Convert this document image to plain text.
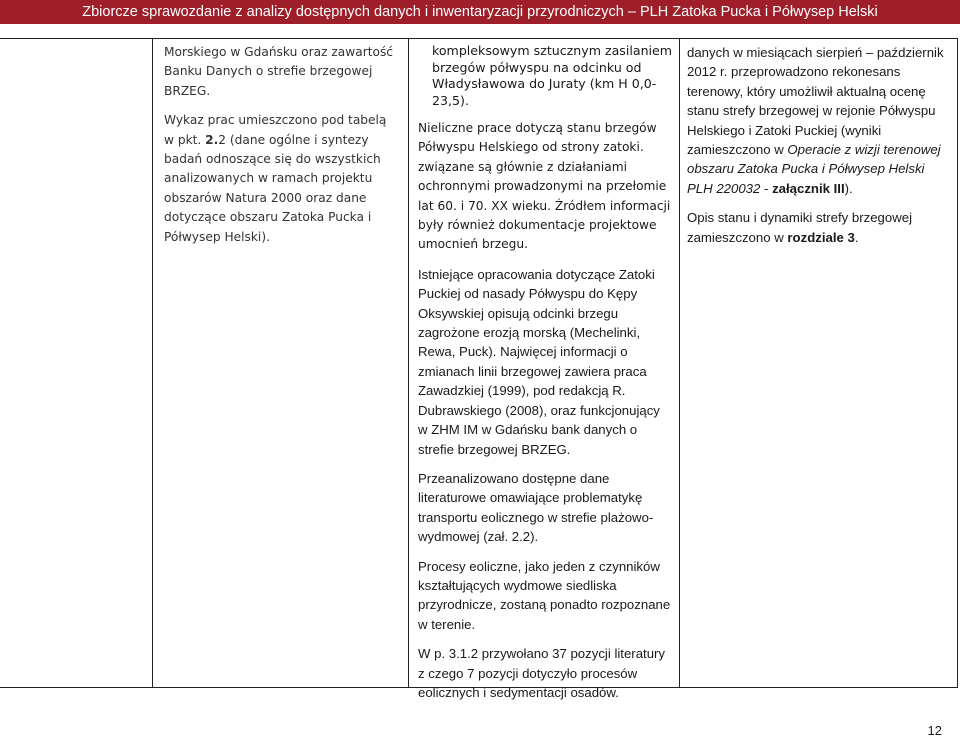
Zbiorcze sprawozdanie z analizy dostępnych danych i inwentaryzacji przyrodniczych – PLH Zatoka Pucka i Półwysep Helski

Morskiego w Gdańsku oraz zawartość Banku Danych o strefie brzegowej BRZEG.

Wykaz prac umieszczono pod tabelą w pkt. 2.2 (dane ogólne i syntezy badań odnoszące się do wszystkich analizowanych w ramach projektu obszarów Natura 2000 oraz dane dotyczące obszaru Zatoka Pucka i Półwysep Helski).

kompleksowym sztucznym zasilaniem brzegów półwyspu na odcinku od Władysławowa do Juraty (km H 0,0-23,5).

Nieliczne prace dotyczą stanu brzegów Półwyspu Helskiego od strony zatoki. związane są głównie z działaniami ochronnymi prowadzonymi na przełomie lat 60. i 70. XX wieku. Źródłem informacji były również dokumentacje projektowe umocnień brzegu.

Istniejące opracowania dotyczące Zatoki Puckiej od nasady Półwyspu do Kępy Oksywskiej opisują odcinki brzegu zagrożone erozją morską (Mechelinki, Rewa, Puck). Najwięcej informacji o zmianach linii brzegowej zawiera praca Zawadzkiej (1999), pod redakcją R. Dubrawskiego (2008), oraz funkcjonujący w ZHM IM w Gdańsku bank danych o strefie brzegowej BRZEG.

Przeanalizowano dostępne dane literaturowe omawiające problematykę transportu eolicznego w strefie plażowo-wydmowej (zał. 2.2).

Procesy eoliczne, jako jeden z czynników kształtujących wydmowe siedliska przyrodnicze, zostaną ponadto rozpoznane w terenie.

W p. 3.1.2 przywołano 37 pozycji literatury z czego 7 pozycji dotyczyło procesów eolicznych i sedymentacji osadów.

danych w miesiącach sierpień – październik 2012 r. przeprowadzono rekonesans terenowy, który umożliwił aktualną ocenę stanu strefy brzegowej w rejonie Półwyspu Helskiego i Zatoki Puckiej (wyniki zamieszczono w Operacie z wizji terenowej obszaru Zatoka Pucka i Półwysep Helski PLH 220032 - załącznik III).

Opis stanu i dynamiki strefy brzegowej zamieszczono w rozdziale 3.

12
